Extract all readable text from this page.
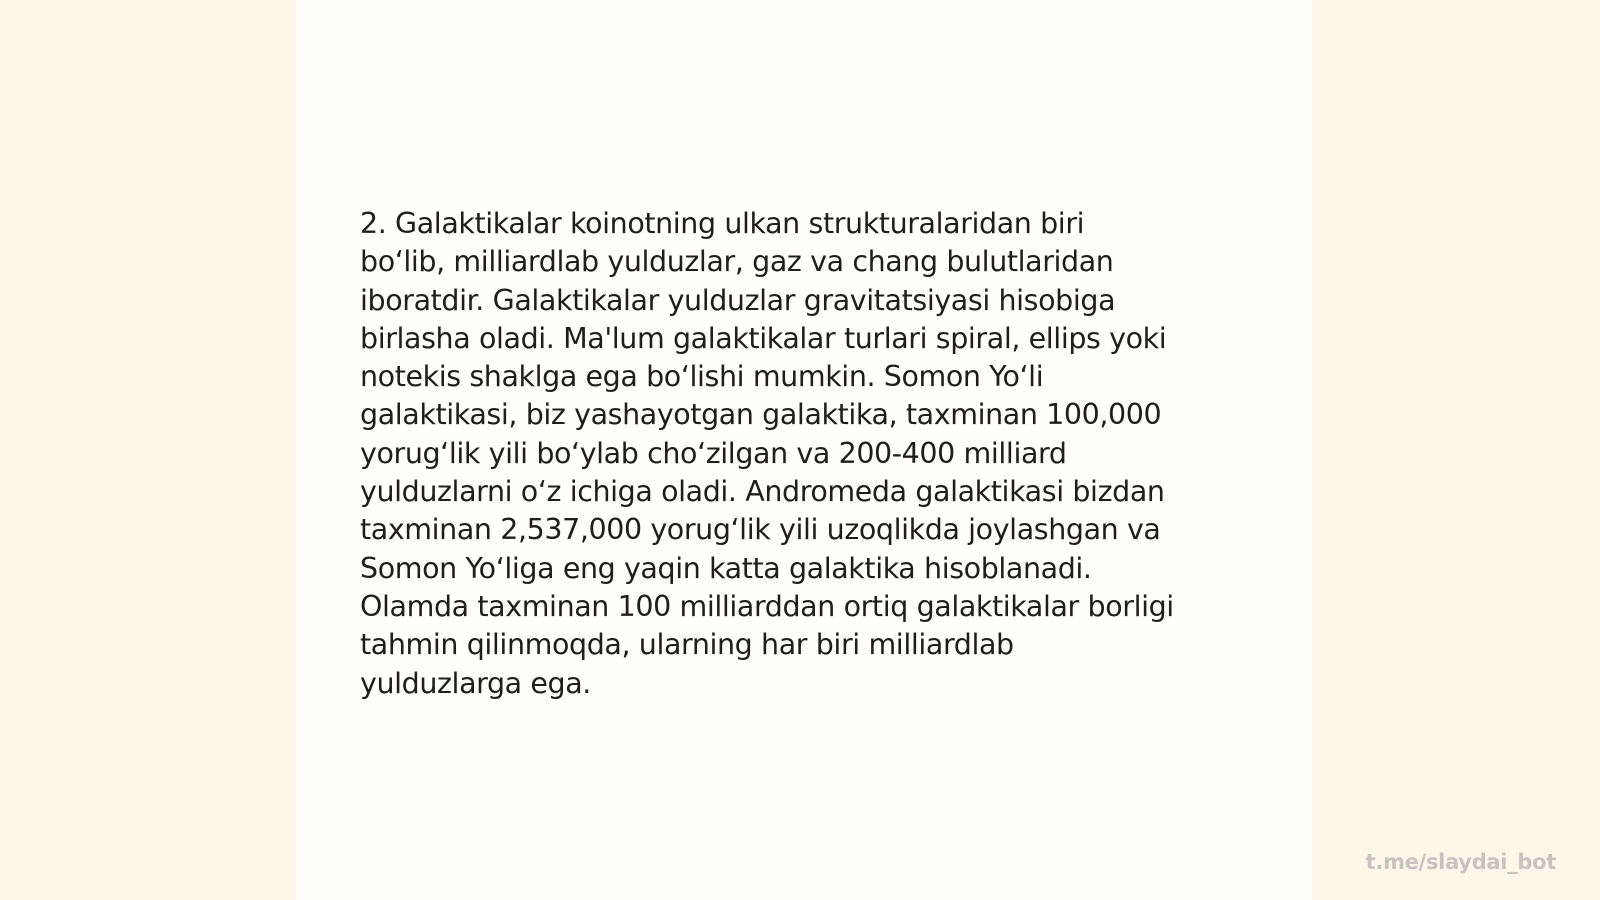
2. Galaktikalar koinotning ulkan strukturalaridan biri
bo‘lib, milliardlab yulduzlar, gaz va chang bulutlaridan
iboratdir. Galaktikalar yulduzlar gravitatsiyasi hisobiga
birlasha oladi. Ma'lum galaktikalar turlari spiral, ellips yoki
notekis shaklga ega bo‘lishi mumkin. Somon Yo‘li
galaktikasi, biz yashayotgan galaktika, taxminan 100,000
yorug‘lik yili bo‘ylab cho‘zilgan va 200-400 milliard
yulduzlarni o‘z ichiga oladi. Andromeda galaktikasi bizdan
taxminan 2,537,000 yorug‘lik yili uzoqlikda joylashgan va
Somon Yo‘liga eng yaqin katta galaktika hisoblanadi.
Olamda taxminan 100 milliarddan ortiq galaktikalar borligi
tahmin qilinmoqda, ularning har biri milliardlab
yulduzlarga ega.

t.me/slaydai_bot
